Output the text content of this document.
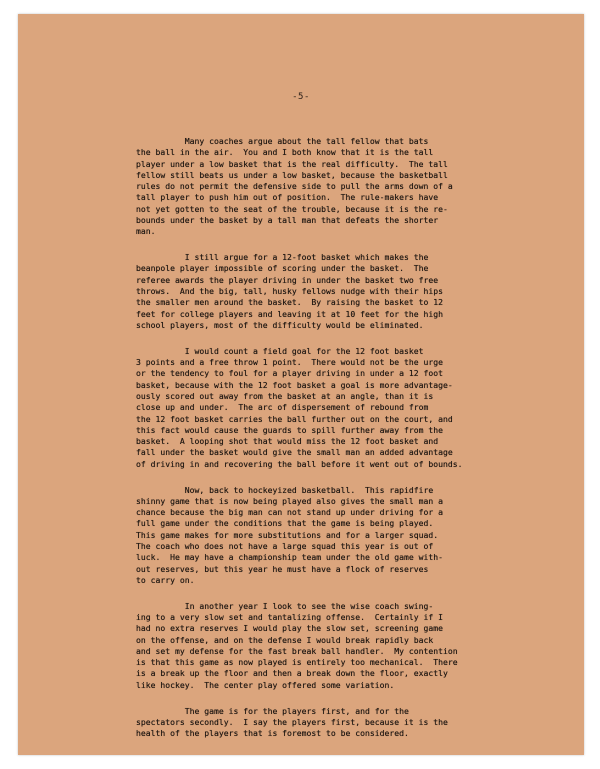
-5-
Many coaches argue about the tall fellow that bats
the ball in the air.  You and I both know that it is the tall
player under a low basket that is the real difficulty.  The tall
fellow still beats us under a low basket, because the basketball
rules do not permit the defensive side to pull the arms down of a
tall player to push him out of position.  The rule-makers have
not yet gotten to the seat of the trouble, because it is the re-
bounds under the basket by a tall man that defeats the shorter
man.
I still argue for a 12-foot basket which makes the
beanpole player impossible of scoring under the basket.  The
referee awards the player driving in under the basket two free
throws.  And the big, tall, husky fellows nudge with their hips
the smaller men around the basket.  By raising the basket to 12
feet for college players and leaving it at 10 feet for the high
school players, most of the difficulty would be eliminated.
I would count a field goal for the 12 foot basket
3 points and a free throw 1 point.  There would not be the urge
or the tendency to foul for a player driving in under a 12 foot
basket, because with the 12 foot basket a goal is more advantage-
ously scored out away from the basket at an angle, than it is
close up and under.  The arc of dispersement of rebound from
the 12 foot basket carries the ball further out on the court, and
this fact would cause the guards to spill further away from the
basket.  A looping shot that would miss the 12 foot basket and
fall under the basket would give the small man an added advantage
of driving in and recovering the ball before it went out of bounds.
Now, back to hockeyized basketball.  This rapidfire
shinny game that is now being played also gives the small man a
chance because the big man can not stand up under driving for a
full game under the conditions that the game is being played.
This game makes for more substitutions and for a larger squad.
The coach who does not have a large squad this year is out of
luck.  He may have a championship team under the old game with-
out reserves, but this year he must have a flock of reserves
to carry on.
In another year I look to see the wise coach swing-
ing to a very slow set and tantalizing offense.  Certainly if I
had no extra reserves I would play the slow set, screening game
on the offense, and on the defense I would break rapidly back
and set my defense for the fast break ball handler.  My contention
is that this game as now played is entirely too mechanical.  There
is a break up the floor and then a break down the floor, exactly
like hockey.  The center play offered some variation.
The game is for the players first, and for the
spectators secondly.  I say the players first, because it is the
health of the players that is foremost to be considered.
